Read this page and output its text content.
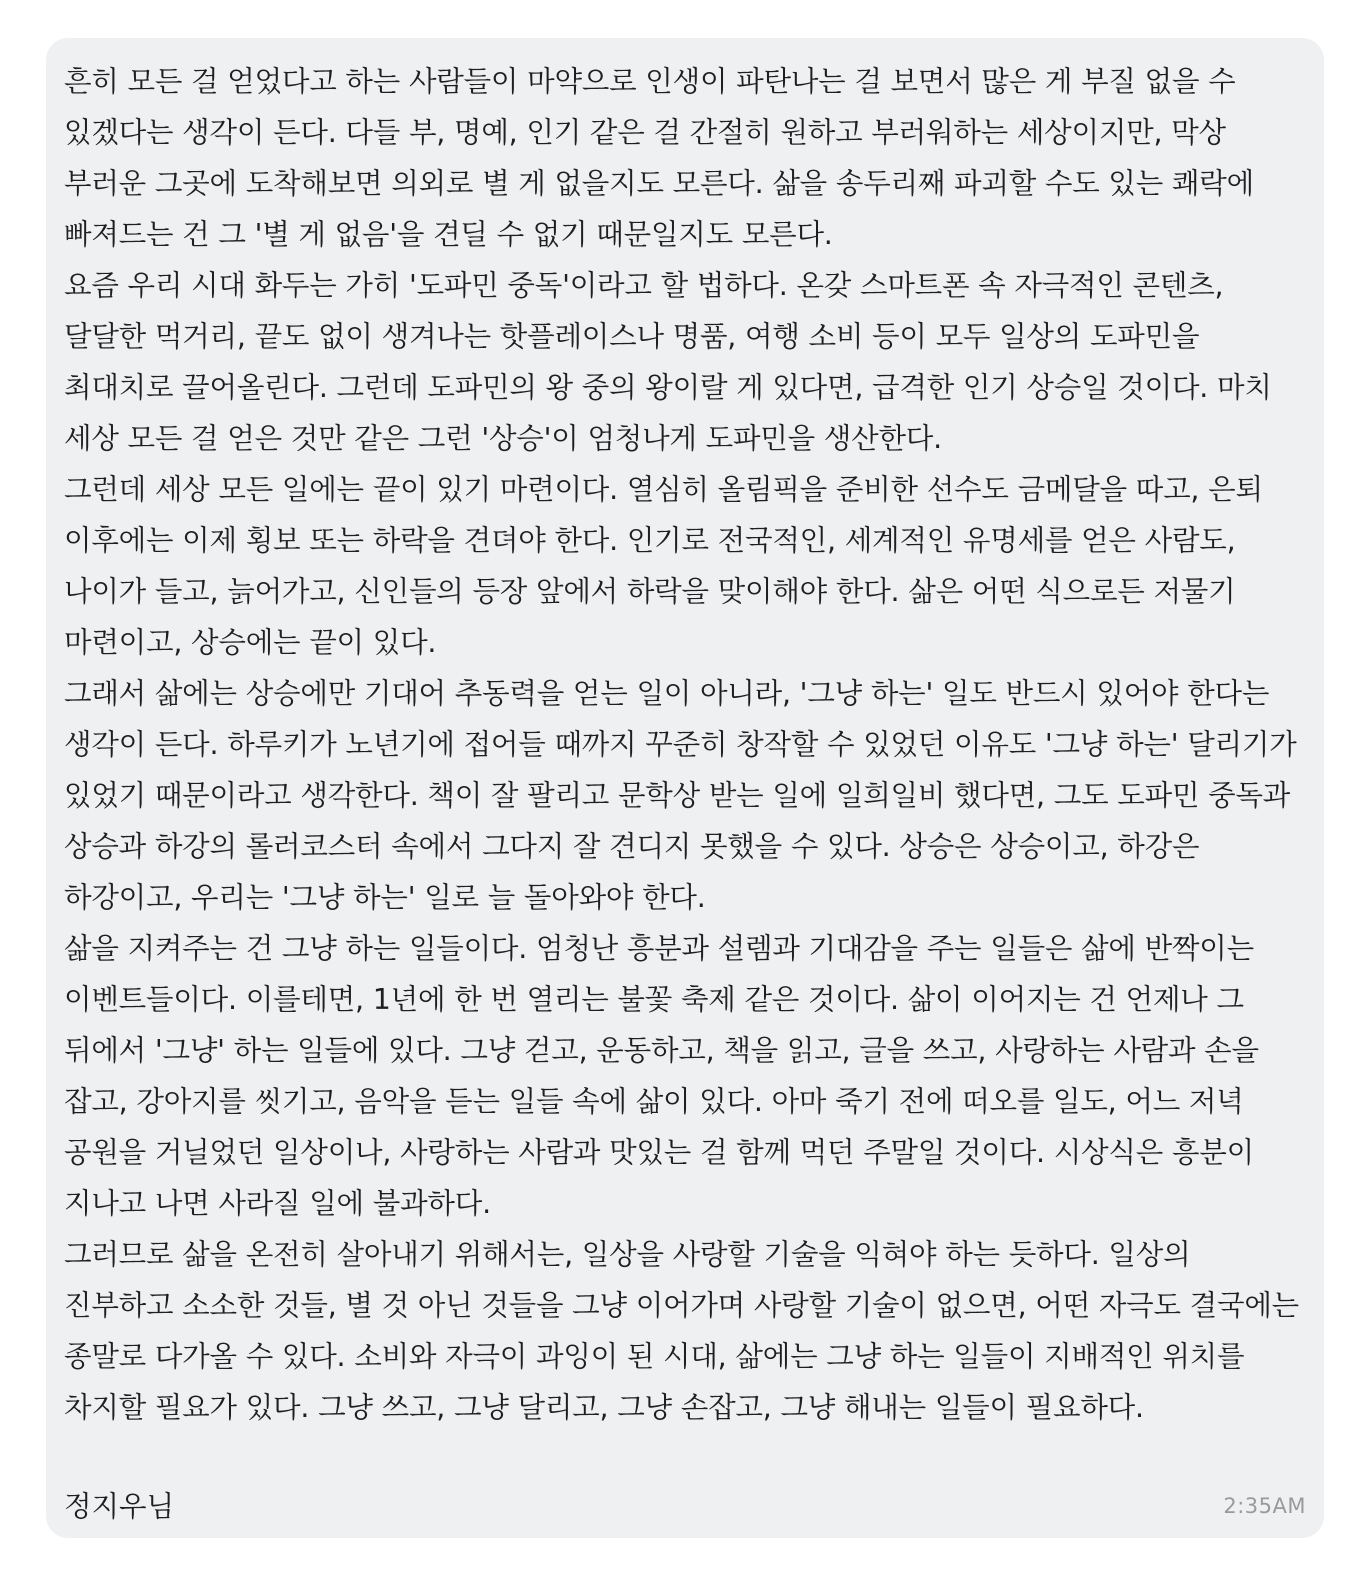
흔히 모든 걸 얻었다고 하는 사람들이 마약으로 인생이 파탄나는 걸 보면서 많은 게 부질 없을 수 있겠다는 생각이 든다. 다들 부, 명예, 인기 같은 걸 간절히 원하고 부러워하는 세상이지만, 막상 부러운 그곳에 도착해보면 의외로 별 게 없을지도 모른다. 삶을 송두리째 파괴할 수도 있는 쾌락에 빠져드는 건 그 '별 게 없음'을 견딜 수 없기 때문일지도 모른다.

요즘 우리 시대 화두는 가히 '도파민 중독'이라고 할 법하다. 온갖 스마트폰 속 자극적인 콘텐츠, 달달한 먹거리, 끝도 없이 생겨나는 핫플레이스나 명품, 여행 소비 등이 모두 일상의 도파민을 최대치로 끌어올린다. 그런데 도파민의 왕 중의 왕이랄 게 있다면, 급격한 인기 상승일 것이다. 마치 세상 모든 걸 얻은 것만 같은 그런 '상승'이 엄청나게 도파민을 생산한다.

그런데 세상 모든 일에는 끝이 있기 마련이다. 열심히 올림픽을 준비한 선수도 금메달을 따고, 은퇴 이후에는 이제 횡보 또는 하락을 견뎌야 한다. 인기로 전국적인, 세계적인 유명세를 얻은 사람도, 나이가 들고, 늙어가고, 신인들의 등장 앞에서 하락을 맞이해야 한다. 삶은 어떤 식으로든 저물기 마련이고, 상승에는 끝이 있다.

그래서 삶에는 상승에만 기대어 추동력을 얻는 일이 아니라, '그냥 하는' 일도 반드시 있어야 한다는 생각이 든다. 하루키가 노년기에 접어들 때까지 꾸준히 창작할 수 있었던 이유도 '그냥 하는' 달리기가 있었기 때문이라고 생각한다. 책이 잘 팔리고 문학상 받는 일에 일희일비 했다면, 그도 도파민 중독과 상승과 하강의 롤러코스터 속에서 그다지 잘 견디지 못했을 수 있다. 상승은 상승이고, 하강은 하강이고, 우리는 '그냥 하는' 일로 늘 돌아와야 한다.

삶을 지켜주는 건 그냥 하는 일들이다. 엄청난 흥분과 설렘과 기대감을 주는 일들은 삶에 반짝이는 이벤트들이다. 이를테면, 1년에 한 번 열리는 불꽃 축제 같은 것이다. 삶이 이어지는 건 언제나 그 뒤에서 '그냥' 하는 일들에 있다. 그냥 걷고, 운동하고, 책을 읽고, 글을 쓰고, 사랑하는 사람과 손을 잡고, 강아지를 씻기고, 음악을 듣는 일들 속에 삶이 있다. 아마 죽기 전에 떠오를 일도, 어느 저녁 공원을 거닐었던 일상이나, 사랑하는 사람과 맛있는 걸 함께 먹던 주말일 것이다. 시상식은 흥분이 지나고 나면 사라질 일에 불과하다.

그러므로 삶을 온전히 살아내기 위해서는, 일상을 사랑할 기술을 익혀야 하는 듯하다. 일상의 진부하고 소소한 것들, 별 것 아닌 것들을 그냥 이어가며 사랑할 기술이 없으면, 어떤 자극도 결국에는 종말로 다가올 수 있다. 소비와 자극이 과잉이 된 시대, 삶에는 그냥 하는 일들이 지배적인 위치를 차지할 필요가 있다. 그냥 쓰고, 그냥 달리고, 그냥 손잡고, 그냥 해내는 일들이 필요하다.

정지우님	2:35AM
